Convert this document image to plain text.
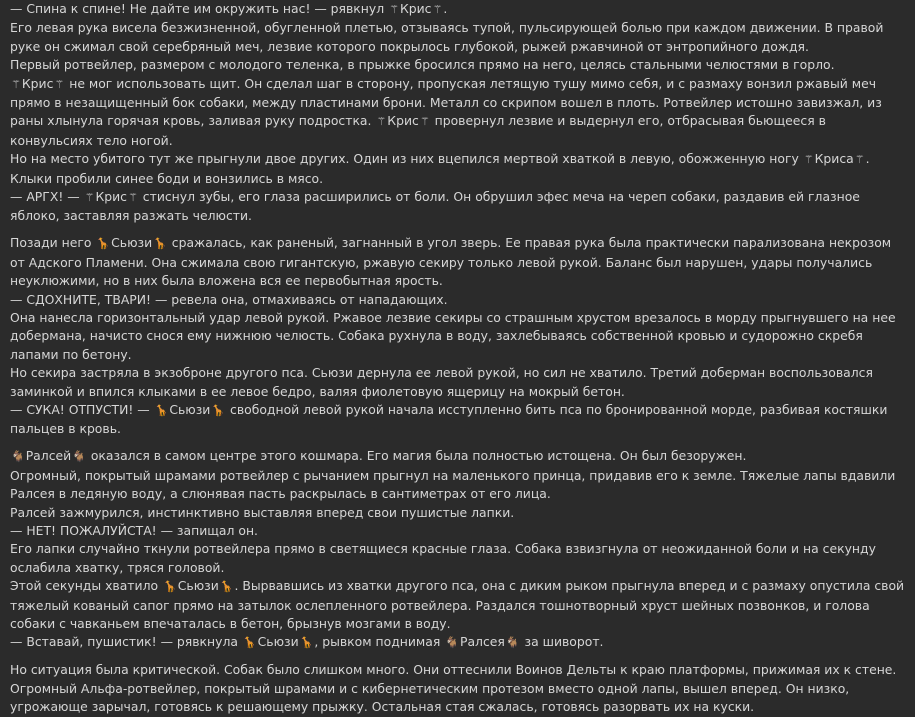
— Спина к спине! Не дайте им окружить нас! — рявкнул ⚚Крис⚚.

Его левая рука висела безжизненной, обугленной плетью, отзываясь тупой, пульсирующей болью при каждом движении. В правой руке он сжимал свой серебряный меч, лезвие которого покрылось глубокой, рыжей ржавчиной от энтропийного дождя.

Первый ротвейлер, размером с молодого теленка, в прыжке бросился прямо на него, целясь стальными челюстями в горло.

⚚Крис⚚ не мог использовать щит. Он сделал шаг в сторону, пропуская летящую тушу мимо себя, и с размаху вонзил ржавый меч прямо в незащищенный бок собаки, между пластинами брони. Металл со скрипом вошел в плоть. Ротвейлер истошно завизжал, из раны хлынула горячая кровь, заливая руку подростка. ⚚Крис⚚ провернул лезвие и выдернул его, отбрасывая бьющееся в конвульсиях тело ногой.

Но на место убитого тут же прыгнули двое других. Один из них вцепился мертвой хваткой в левую, обожженную ногу ⚚Криса⚚. Клыки пробили синее боди и вонзились в мясо.

— АРГХ! — ⚚Крис⚚ стиснул зубы, его глаза расширились от боли. Он обрушил эфес меча на череп собаки, раздавив ей глазное яблоко, заставляя разжать челюсти.

Позади него 🦒Сьюзи🦒 сражалась, как раненый, загнанный в угол зверь. Ее правая рука была практически парализована некрозом от Адского Пламени. Она сжимала свою гигантскую, ржавую секиру только левой рукой. Баланс был нарушен, удары получались неуклюжими, но в них была вложена вся ее первобытная ярость.

— СДОХНИТЕ, ТВАРИ! — ревела она, отмахиваясь от нападающих.

Она нанесла горизонтальный удар левой рукой. Ржавое лезвие секиры со страшным хрустом врезалось в морду прыгнувшего на нее добермана, начисто снося ему нижнюю челюсть. Собака рухнула в воду, захлебываясь собственной кровью и судорожно скребя лапами по бетону.

Но секира застряла в экзоброне другого пса. Сьюзи дернула ее левой рукой, но сил не хватило. Третий доберман воспользовался заминкой и впился клыками в ее левое бедро, валяя фиолетовую ящерицу на мокрый бетон.

— СУКА! ОТПУСТИ! — 🦒Сьюзи🦒 свободной левой рукой начала исступленно бить пса по бронированной морде, разбивая костяшки пальцев в кровь.

🐐Ралсей🐐 оказался в самом центре этого кошмара. Его магия была полностью истощена. Он был безоружен.

Огромный, покрытый шрамами ротвейлер с рычанием прыгнул на маленького принца, придавив его к земле. Тяжелые лапы вдавили Ралсея в ледяную воду, а слюнявая пасть раскрылась в сантиметрах от его лица.

Ралсей зажмурился, инстинктивно выставляя вперед свои пушистые лапки.

— НЕТ! ПОЖАЛУЙСТА! — запищал он.

Его лапки случайно ткнули ротвейлера прямо в светящиеся красные глаза. Собака взвизгнула от неожиданной боли и на секунду ослабила хватку, тряся головой.

Этой секунды хватило 🦒Сьюзи🦒. Вырвавшись из хватки другого пса, она с диким рыком прыгнула вперед и с размаху опустила свой тяжелый кованый сапог прямо на затылок ослепленного ротвейлера. Раздался тошнотворный хруст шейных позвонков, и голова собаки с чавканьем впечаталась в бетон, брызнув мозгами в воду.

— Вставай, пушистик! — рявкнула 🦒Сьюзи🦒, рывком поднимая 🐐Ралсея🐐 за шиворот.

Но ситуация была критической. Собак было слишком много. Они оттеснили Воинов Дельты к краю платформы, прижимая их к стене.

Огромный Альфа-ротвейлер, покрытый шрамами и с кибернетическим протезом вместо одной лапы, вышел вперед. Он низко, угрожающе зарычал, готовясь к решающему прыжку. Остальная стая сжалась, готовясь разорвать их на куски.
